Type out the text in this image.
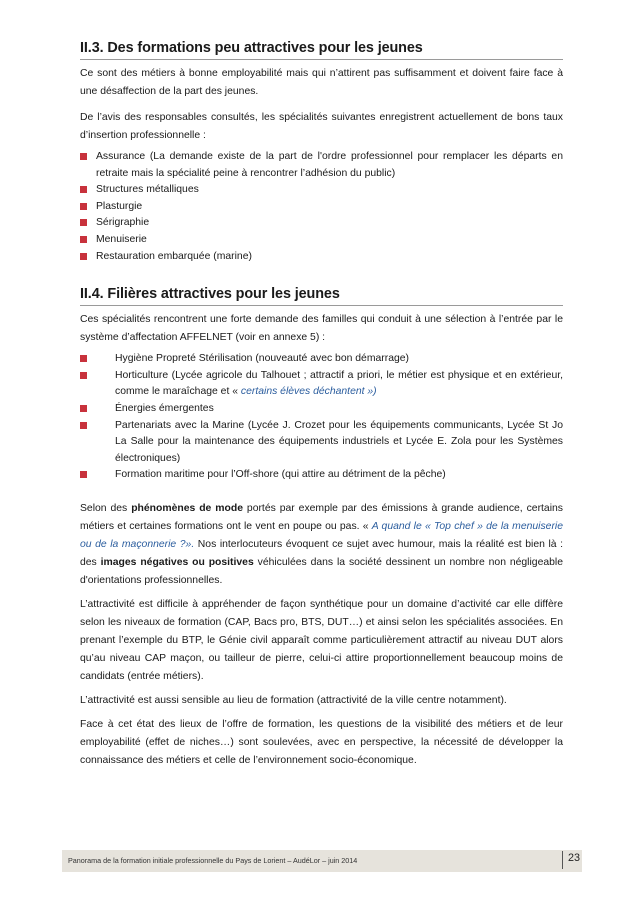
II.3. Des formations peu attractives pour les jeunes

Ce sont des métiers à bonne employabilité mais qui n’attirent pas suffisamment et doivent faire face à une désaffection de la part des jeunes.

De l’avis des responsables consultés, les spécialités suivantes enregistrent actuellement de bons taux d’insertion professionnelle :

Assurance (La demande existe de la part de l'ordre professionnel pour remplacer les départs en retraite mais la spécialité peine à rencontrer l’adhésion du public)
Structures métalliques
Plasturgie
Sérigraphie
Menuiserie
Restauration embarquée (marine)
II.4. Filières attractives pour les jeunes

Ces spécialités rencontrent une forte demande des familles qui conduit à une sélection à l’entrée par le système d’affectation AFFELNET (voir en annexe 5) :

Hygiène Propreté Stérilisation (nouveauté avec bon démarrage)
Horticulture (Lycée agricole du Talhouet ; attractif a priori, le métier est physique et en extérieur, comme le maraîchage et « certains élèves déchantent »)
Énergies émergentes
Partenariats avec la Marine (Lycée J. Crozet pour les équipements communicants, Lycée St Jo La Salle pour la maintenance des équipements industriels et Lycée E. Zola pour les Systèmes électroniques)
Formation maritime pour l’Off-shore (qui attire au détriment de la pêche)

Selon des phénomènes de mode portés par exemple par des émissions à grande audience, certains métiers et certaines formations ont le vent en poupe ou pas. « A quand le « Top chef » de la menuiserie ou de la maçonnerie ?». Nos interlocuteurs évoquent ce sujet avec humour, mais la réalité est bien là : des images négatives ou positives véhiculées dans la société dessinent un nombre non négligeable d'orientations professionnelles.

L’attractivité est difficile à appréhender de façon synthétique pour un domaine d’activité car elle diffère selon les niveaux de formation (CAP, Bacs pro, BTS, DUT…) et ainsi selon les spécialités associées. En prenant l’exemple du BTP, le Génie civil apparaît comme particulièrement attractif au niveau DUT alors qu’au niveau CAP maçon, ou tailleur de pierre, celui-ci attire proportionnellement beaucoup moins de candidats (entrée métiers).

L’attractivité est aussi sensible au lieu de formation (attractivité de la ville centre notamment).

Face à cet état des lieux de l’offre de formation, les questions de la visibilité des métiers et de leur employabilité (effet de niches…) sont soulevées, avec en perspective, la nécessité de développer la connaissance des métiers et celle de l’environnement socio-économique.

Panorama de la formation initiale professionnelle du Pays de Lorient – AudéLor – juin 2014	23
